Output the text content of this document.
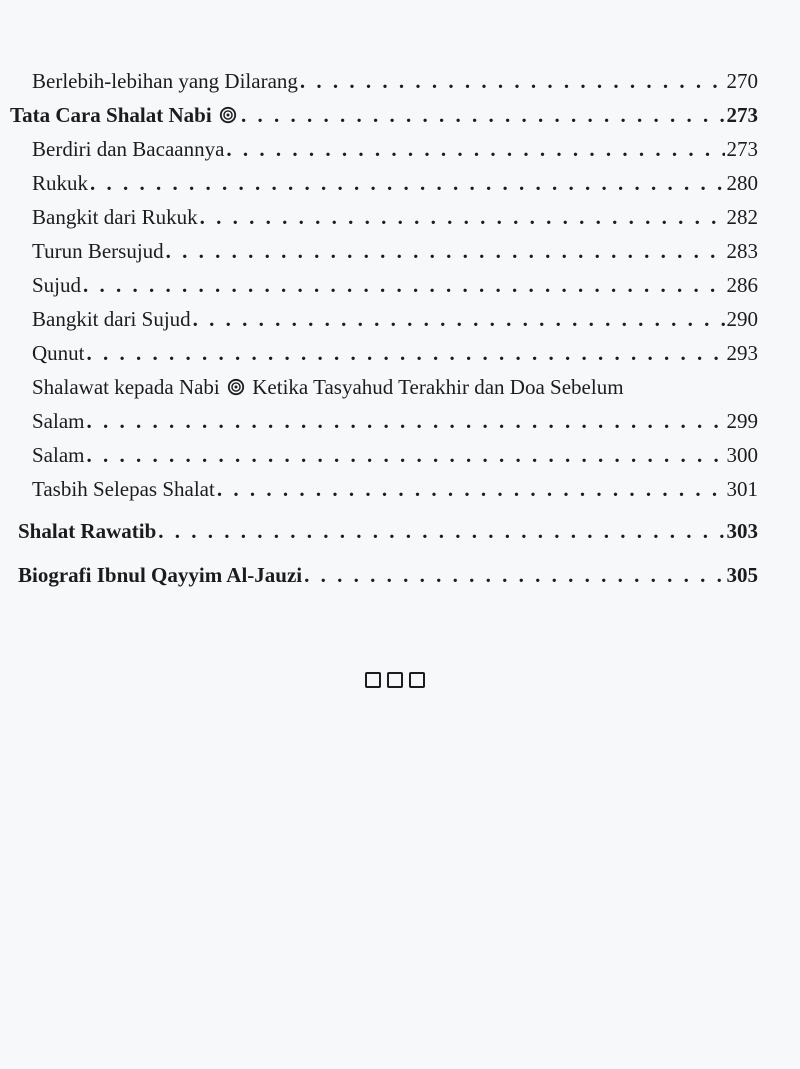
Berlebih-lebihan yang Dilarang . . .	270
Tata Cara Shalat Nabi . . .	273
Berdiri dan Bacaannya . . .	273
Rukuk . . .	280
Bangkit dari Rukuk . . .	282
Turun Bersujud . . .	283
Sujud . . .	286
Bangkit dari Sujud . . .	290
Qunut . . .	293
Shalawat kepada Nabi Ketika Tasyahud Terakhir dan Doa Sebelum
Salam . . .	299
Salam . . .	300
Tasbih Selepas Shalat . . .	301
Shalat Rawatib . . .	303
Biografi Ibnul Qayyim Al-Jauzi . . .	305
